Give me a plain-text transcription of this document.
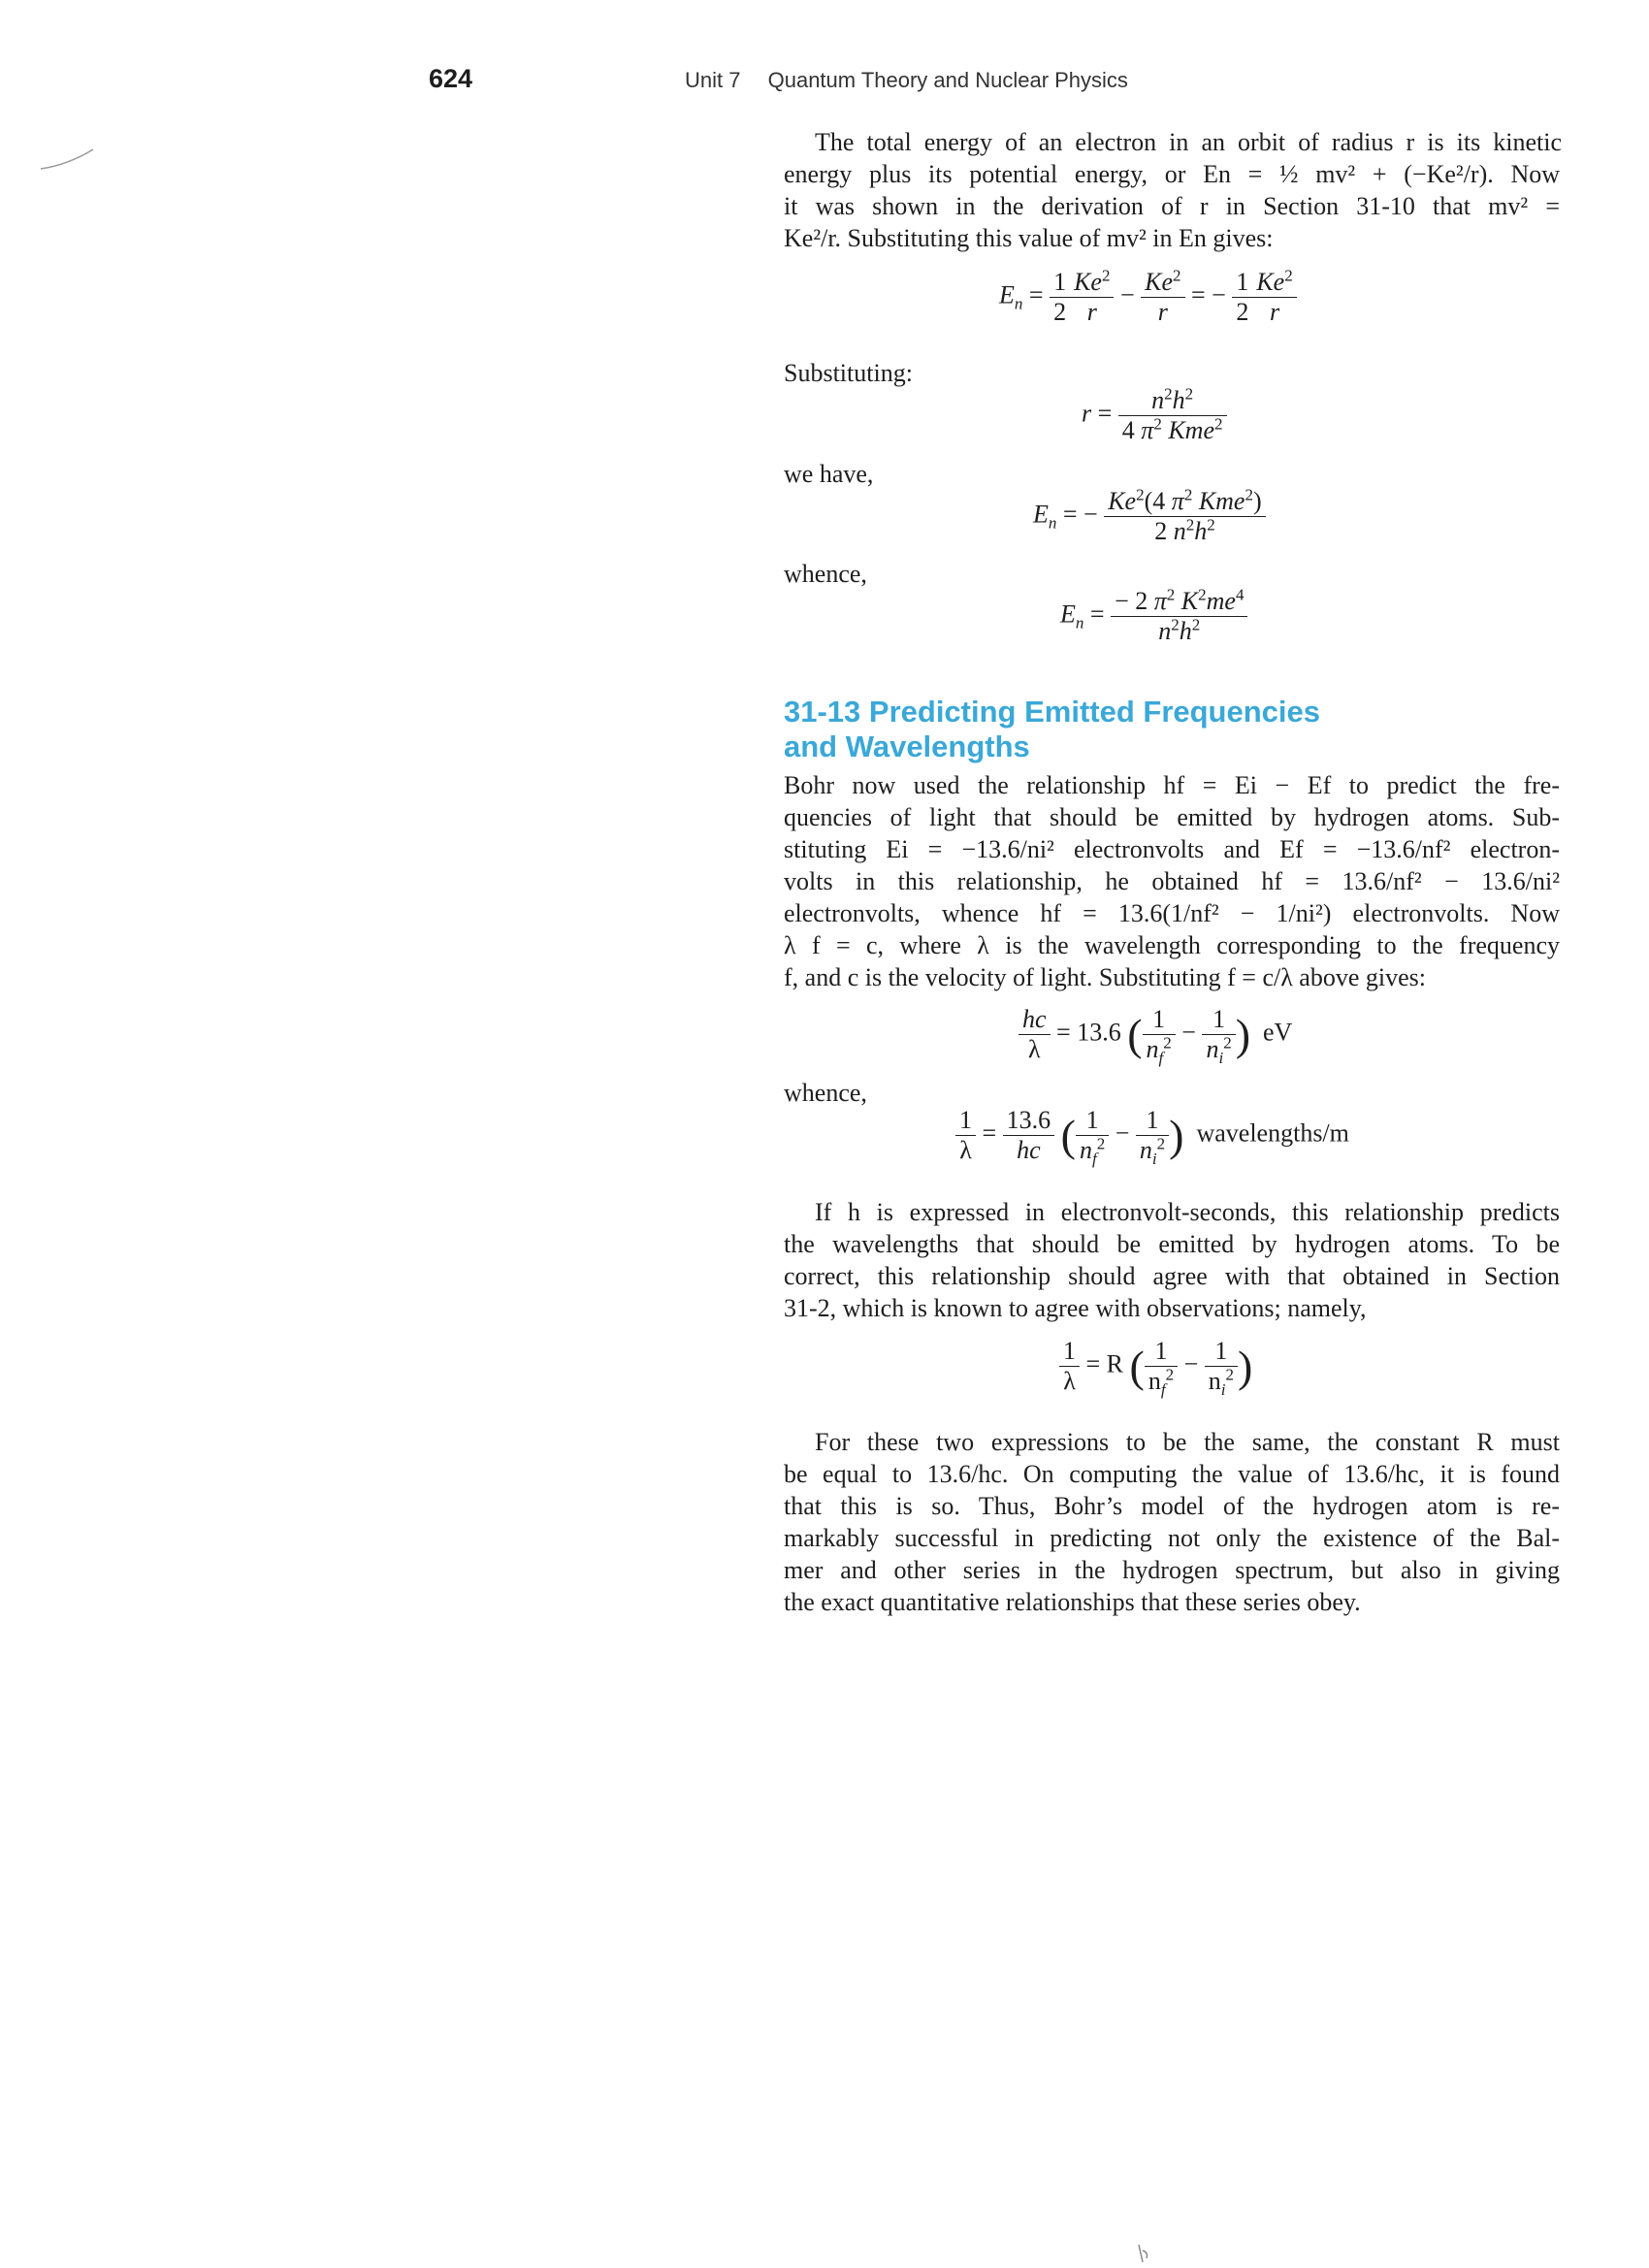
624	Unit 7 Quantum Theory and Nuclear Physics
The total energy of an electron in an orbit of radius r is its kinetic
energy plus its potential energy, or En = ½ mv² + (−Ke²/r). Now
it was shown in the derivation of r in Section 31-10 that mv² =
Ke²/r. Substituting this value of mv² in En gives:
$E_n = \frac{1}{2} \frac{Ke^2}{r} - \frac{Ke^2}{r}$ = − $\frac{1}{2} \frac{Ke^2}{r}$
Substituting:
$r = \frac{n^2h^2}{4 \pi^2 Kme^2}$
we have,
$E_n$ = − $\frac{Ke^2(4 \pi^2 Kme^2)}{2 n^2h^2}$
whence,
$E_n = \frac{- 2 \pi^2 K^2me^4}{n^2h^2}$
31-13 Predicting Emitted Frequencies
and Wavelengths
Bohr now used the relationship hf = Ei − Ef to predict the fre-
quencies of light that should be emitted by hydrogen atoms. Sub-
stituting Ei = −13.6/ni² electronvolts and Ef = −13.6/nf² electron-
volts in this relationship, he obtained hf = 13.6/nf² − 13.6/ni²
electronvolts, whence hf = 13.6(1/nf² − 1/ni²) electronvolts. Now
λ f = c, where λ is the wavelength corresponding to the frequency
f, and c is the velocity of light. Substituting f = c/λ above gives:
$\frac{hc}{\lambda} = 13.6$ ( $\frac{1}{n_f^2} - \frac{1}{n_i^2}$ ) eV
whence,
$\frac{1}{\lambda} = \frac{13.6}{hc}$ ( $\frac{1}{n_f^2} - \frac{1}{n_i^2}$ ) wavelengths/m
If h is expressed in electronvolt-seconds, this relationship predicts
the wavelengths that should be emitted by hydrogen atoms. To be
correct, this relationship should agree with that obtained in Section
31-2, which is known to agree with observations; namely,
$\frac{1}{\lambda} = R$ ( $\frac{1}{n_f^2} - \frac{1}{n_i^2}$ )
For these two expressions to be the same, the constant R must
be equal to 13.6/hc. On computing the value of 13.6/hc, it is found
that this is so. Thus, Bohr’s model of the hydrogen atom is re-
markably successful in predicting not only the existence of the Bal-
mer and other series in the hydrogen spectrum, but also in giving
the exact quantitative relationships that these series obey.
